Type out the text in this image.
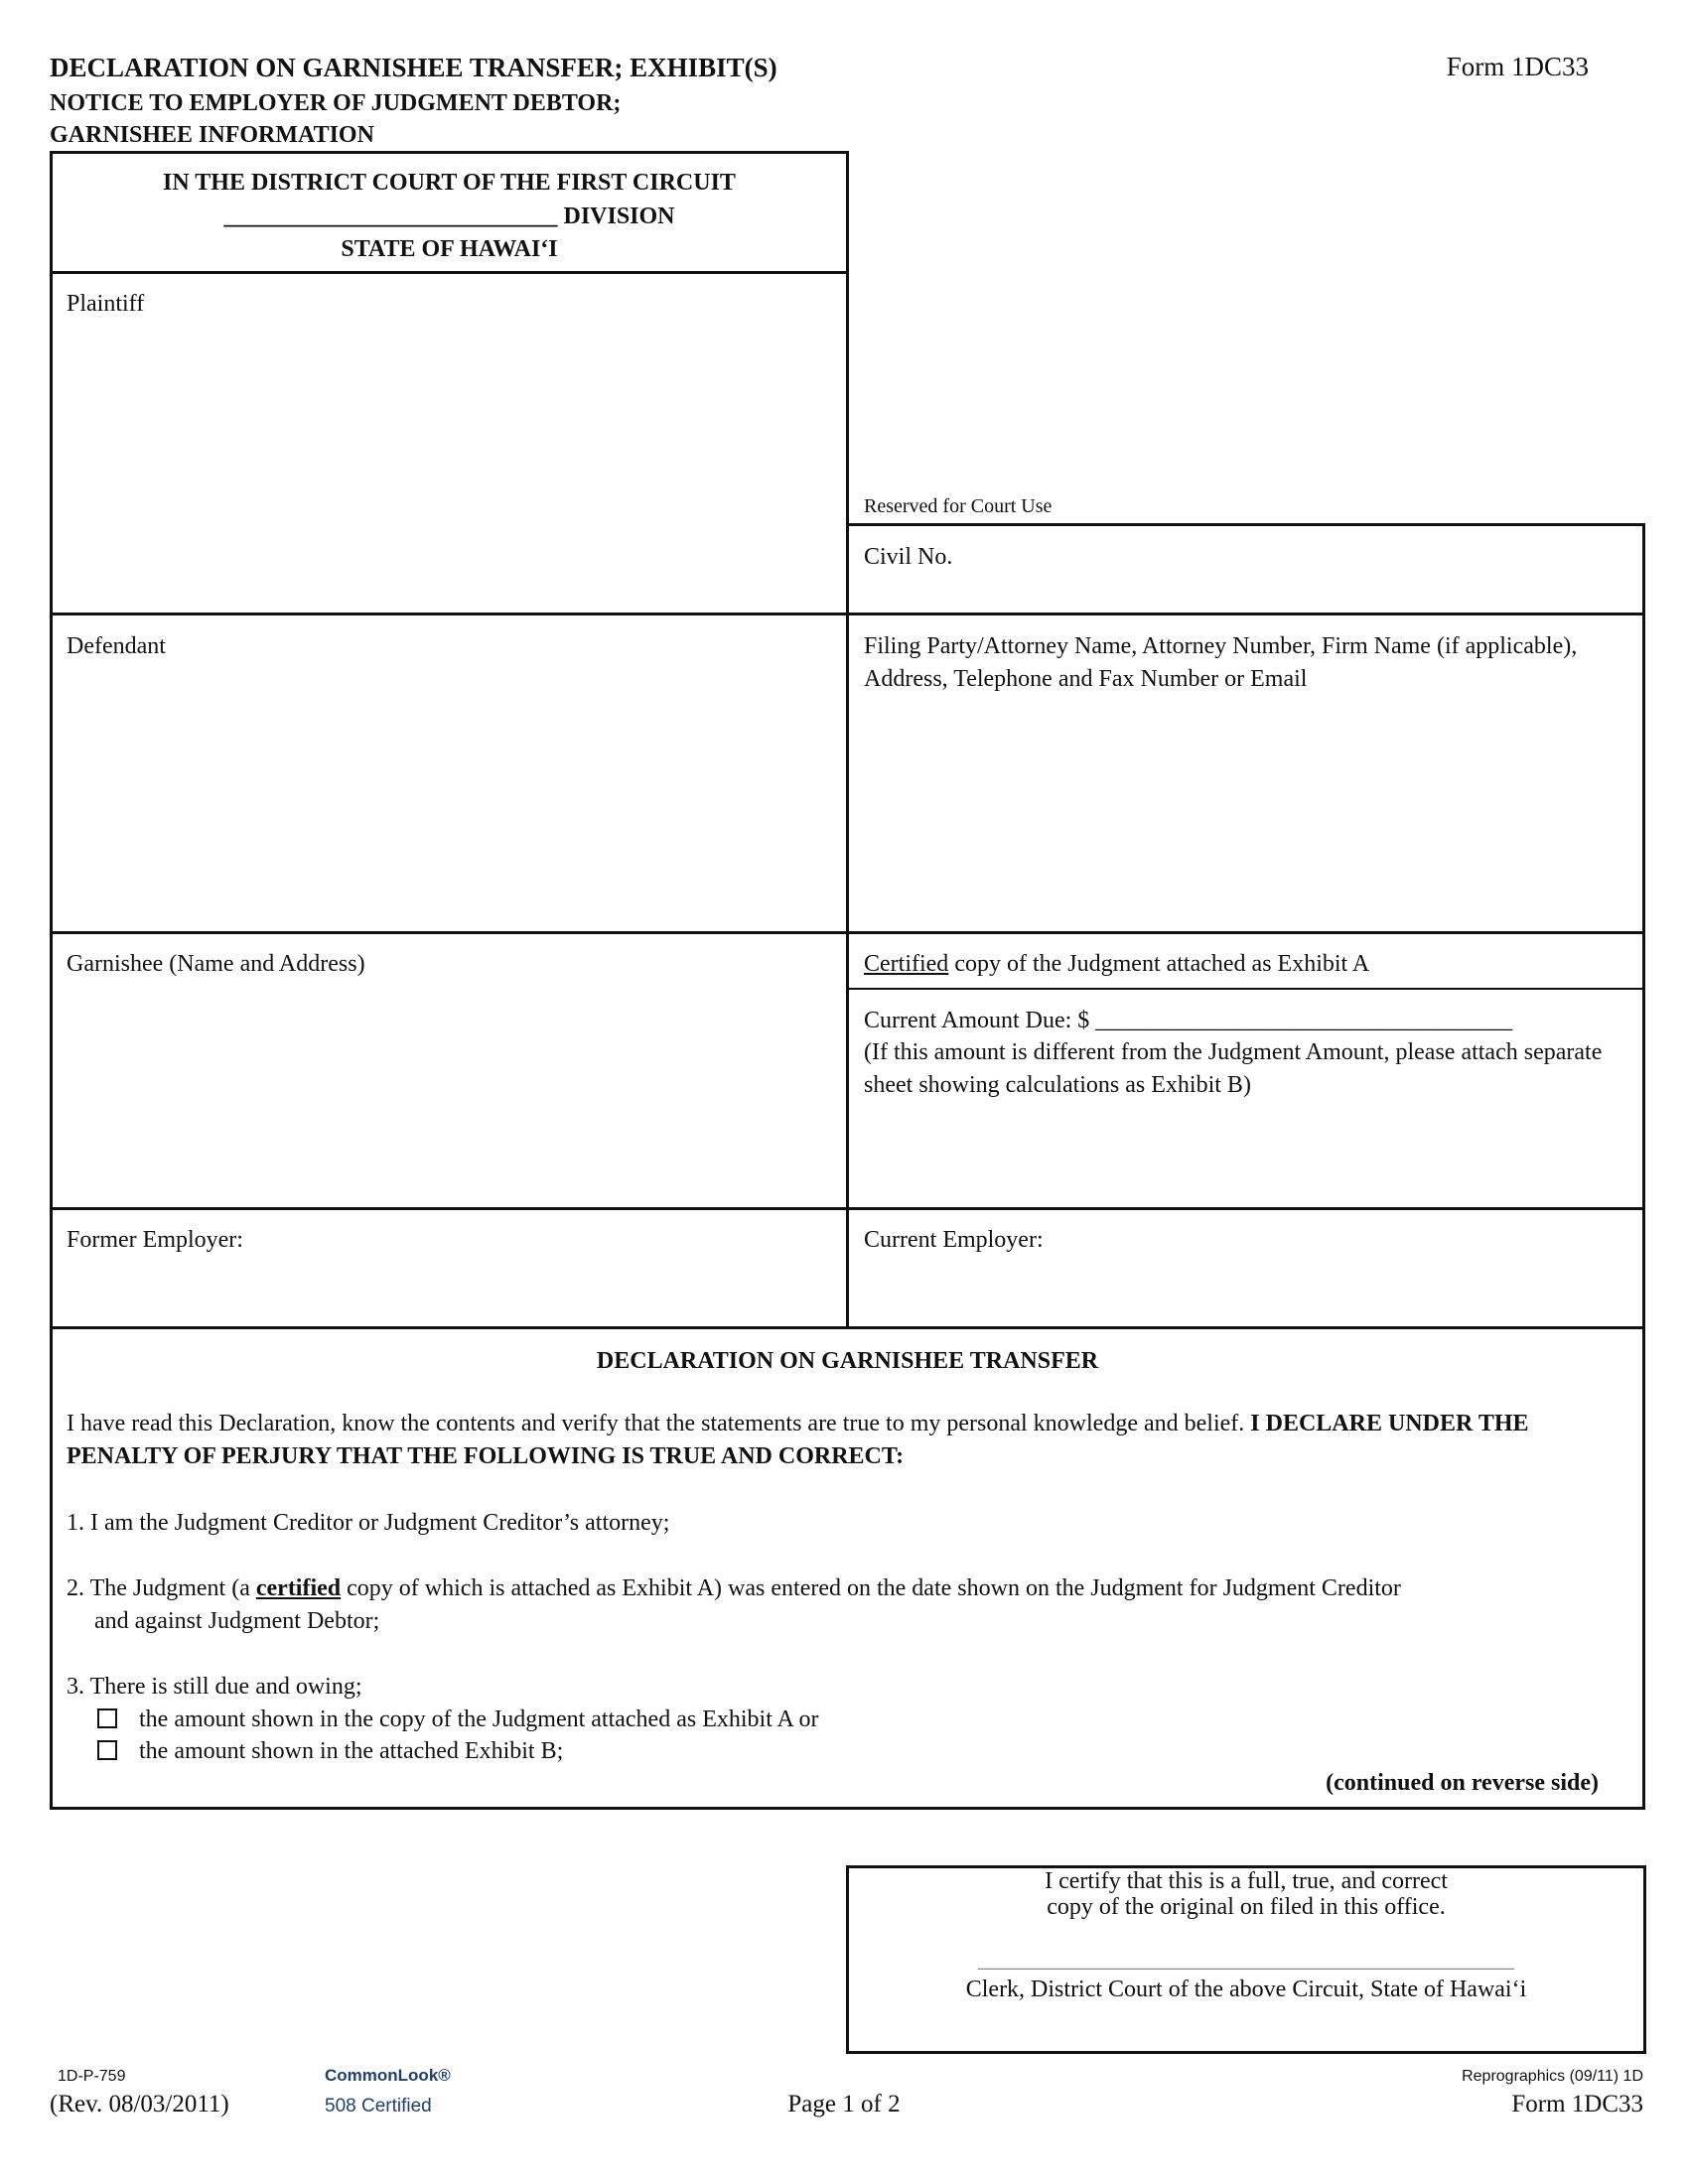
DECLARATION ON GARNISHEE TRANSFER; EXHIBIT(S)
NOTICE TO EMPLOYER OF JUDGMENT DEBTOR;
GARNISHEE INFORMATION
Form 1DC33
IN THE DISTRICT COURT OF THE FIRST CIRCUIT
____________________________ DIVISION
STATE OF HAWAI‘I
Reserved for Court Use
Plaintiff
Civil No.
Defendant	Filing Party/Attorney Name, Attorney Number, Firm Name (if applicable), Address, Telephone and Fax Number or Email
Garnishee (Name and Address)	Certified copy of the Judgment attached as Exhibit A
Current Amount Due: $ ___________________________________
(If this amount is different from the Judgment Amount, please attach separate sheet showing calculations as Exhibit B)
Former Employer:	Current Employer:
DECLARATION ON GARNISHEE TRANSFER
I have read this Declaration, know the contents and verify that the statements are true to my personal knowledge and belief. I DECLARE UNDER THE PENALTY OF PERJURY THAT THE FOLLOWING IS TRUE AND CORRECT:
1. I am the Judgment Creditor or Judgment Creditor’s attorney;
2. The Judgment (a certified copy of which is attached as Exhibit A) was entered on the date shown on the Judgment for Judgment Creditor
and against Judgment Debtor;
3. There is still due and owing;
the amount shown in the copy of the Judgment attached as Exhibit A or
the amount shown in the attached Exhibit B;
(continued on reverse side)
I certify that this is a full, true, and correct
copy of the original on filed in this office.
_____________________________________________
Clerk, District Court of the above Circuit, State of Hawai‘i
1D-P-759
(Rev. 08/03/2011)
CommonLook®
508 Certified	Page 1 of 2
Reprographics (09/11) 1D
Form 1DC33
